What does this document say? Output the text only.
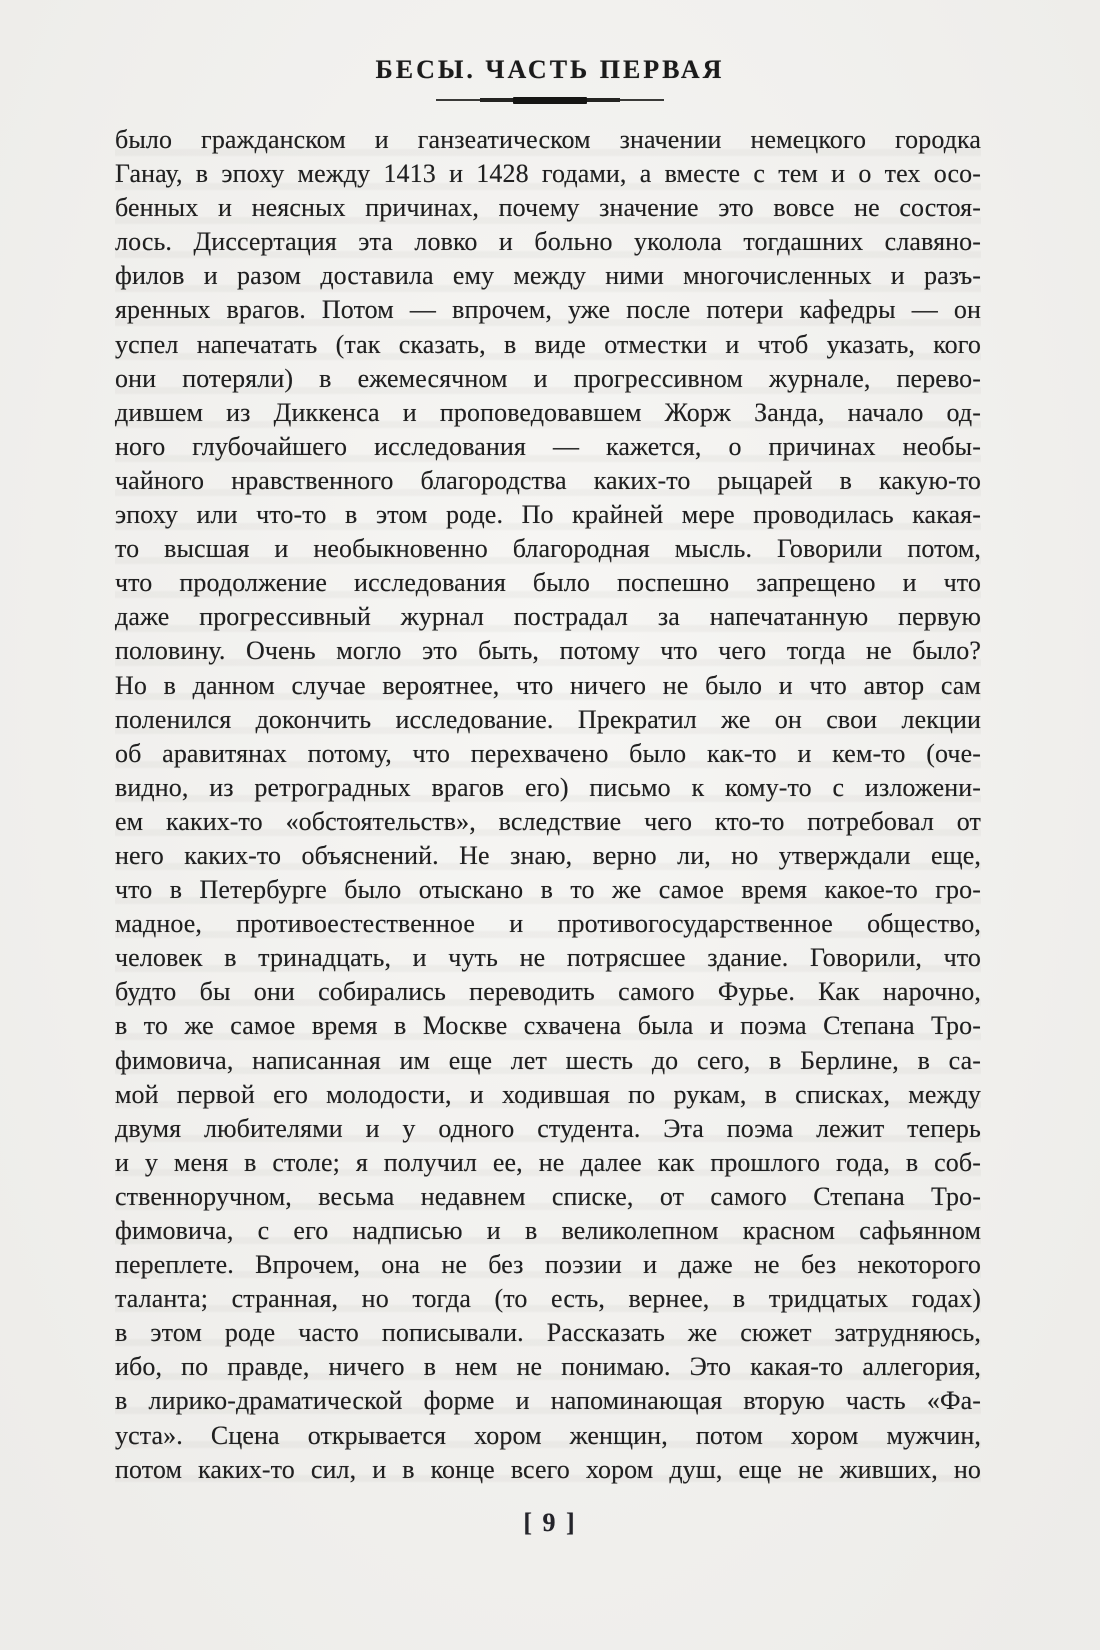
БЕСЫ. ЧАСТЬ ПЕРВАЯ
было гражданском и ганзеатическом значении немецкого городка
Ганау, в эпоху между 1413 и 1428 годами, а вместе с тем и о тех осо-
бенных и неясных причинах, почему значение это вовсе не состоя-
лось. Диссертация эта ловко и больно уколола тогдашних славяно-
филов и разом доставила ему между ними многочисленных и разъ-
яренных врагов. Потом — впрочем, уже после потери кафедры — он
успел напечатать (так сказать, в виде отместки и чтоб указать, кого
они потеряли) в ежемесячном и прогрессивном журнале, перево-
дившем из Диккенса и проповедовавшем Жорж Занда, начало од-
ного глубочайшего исследования — кажется, о причинах необы-
чайного нравственного благородства каких-то рыцарей в какую-то
эпоху или что-то в этом роде. По крайней мере проводилась какая-
то высшая и необыкновенно благородная мысль. Говорили потом,
что продолжение исследования было поспешно запрещено и что
даже прогрессивный журнал пострадал за напечатанную первую
половину. Очень могло это быть, потому что чего тогда не было?
Но в данном случае вероятнее, что ничего не было и что автор сам
поленился докончить исследование. Прекратил же он свои лекции
об аравитянах потому, что перехвачено было как-то и кем-то (оче-
видно, из ретроградных врагов его) письмо к кому-то с изложени-
ем каких-то «обстоятельств», вследствие чего кто-то потребовал от
него каких-то объяснений. Не знаю, верно ли, но утверждали еще,
что в Петербурге было отыскано в то же самое время какое-то гро-
мадное, противоестественное и противогосударственное общество,
человек в тринадцать, и чуть не потрясшее здание. Говорили, что
будто бы они собирались переводить самого Фурье. Как нарочно,
в то же самое время в Москве схвачена была и поэма Степана Тро-
фимовича, написанная им еще лет шесть до сего, в Берлине, в са-
мой первой его молодости, и ходившая по рукам, в списках, между
двумя любителями и у одного студента. Эта поэма лежит теперь
и у меня в столе; я получил ее, не далее как прошлого года, в соб-
ственноручном, весьма недавнем списке, от самого Степана Тро-
фимовича, с его надписью и в великолепном красном сафьянном
переплете. Впрочем, она не без поэзии и даже не без некоторого
таланта; странная, но тогда (то есть, вернее, в тридцатых годах)
в этом роде часто пописывали. Рассказать же сюжет затрудняюсь,
ибо, по правде, ничего в нем не понимаю. Это какая-то аллегория,
в лирико-драматической форме и напоминающая вторую часть «Фа-
уста». Сцена открывается хором женщин, потом хором мужчин,
потом каких-то сил, и в конце всего хором душ, еще не живших, но
[ 9 ]
